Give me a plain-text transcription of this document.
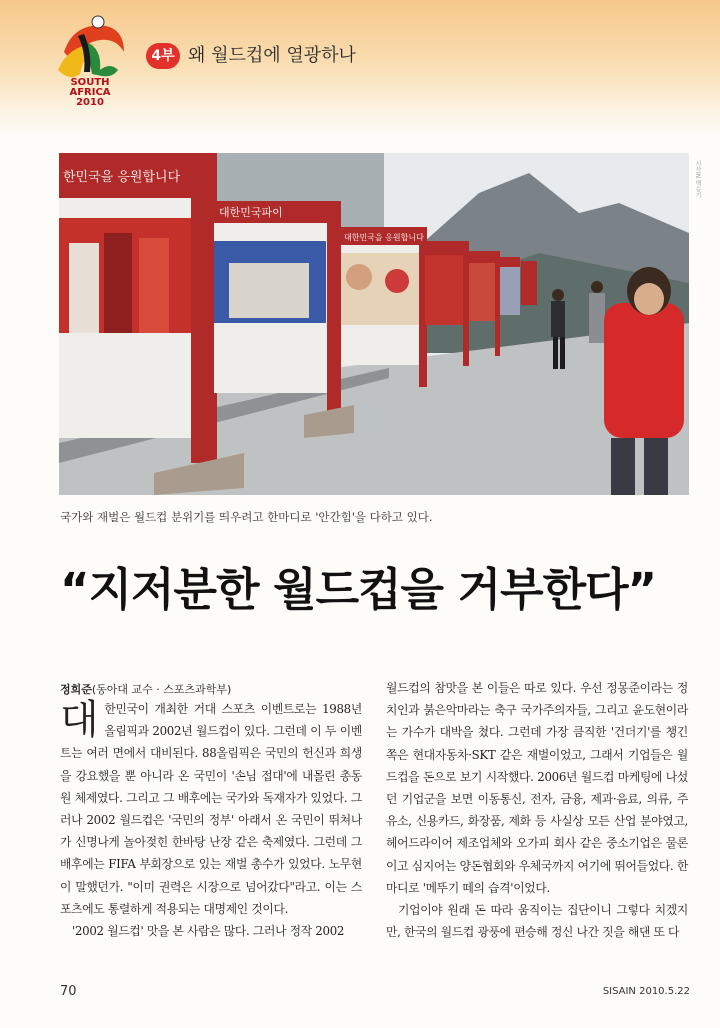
SOUTH
AFRICA
2010
4부 왜 월드컵에 열광하나
한민국을 응원합니다
대한민국파이
대한민국을 응원합니다
시사IN 백승기
국가와 재벌은 월드컵 분위기를 띄우려고 한마디로 '안간힘'을 다하고 있다.
“지저분한 월드컵을 거부한다”
정희준(동아대 교수 · 스포츠과학부)

대한민국이 개최한 거대 스포츠 이벤트로는 1988년 올림픽과 2002년 월드컵이 있다. 그런데 이 두 이벤트는 여러 면에서 대비된다. 88올림픽은 국민의 헌신과 희생을 강요했을 뿐 아니라 온 국민이 '손님 접대'에 내몰린 총동원 체제였다. 그리고 그 배후에는 국가와 독재자가 있었다. 그러나 2002 월드컵은 '국민의 정부' 아래서 온 국민이 뛰쳐나가 신명나게 놀아젖힌 한바탕 난장 같은 축제였다. 그런데 그 배후에는 FIFA 부회장으로 있는 재벌 총수가 있었다. 노무현이 말했던가. "이미 권력은 시장으로 넘어갔다"라고. 이는 스포츠에도 통렬하게 적용되는 대명제인 것이다.

'2002 월드컵' 맛을 본 사람은 많다. 그러나 정작 2002

월드컵의 참맛을 본 이들은 따로 있다. 우선 정몽준이라는 정치인과 붉은악마라는 축구 국가주의자들, 그리고 윤도현이라는 가수가 대박을 쳤다. 그런데 가장 큼직한 '건더기'를 챙긴 쪽은 현대자동차·SKT 같은 재벌이었고, 그래서 기업들은 월드컵을 돈으로 보기 시작했다. 2006년 월드컵 마케팅에 나섰던 기업군을 보면 이동통신, 전자, 금융, 제과·음료, 의류, 주유소, 신용카드, 화장품, 제화 등 사실상 모든 산업 분야였고, 헤어드라이어 제조업체와 오가피 회사 같은 중소기업은 물론이고 심지어는 양돈협회와 우체국까지 여기에 뛰어들었다. 한마디로 '메뚜기 떼의 습격'이었다.

기업이야 원래 돈 따라 움직이는 집단이니 그렇다 치겠지만, 한국의 월드컵 광풍에 편승해 정신 나간 짓을 해댄 또 다

70	SISAIN 2010.5.22
